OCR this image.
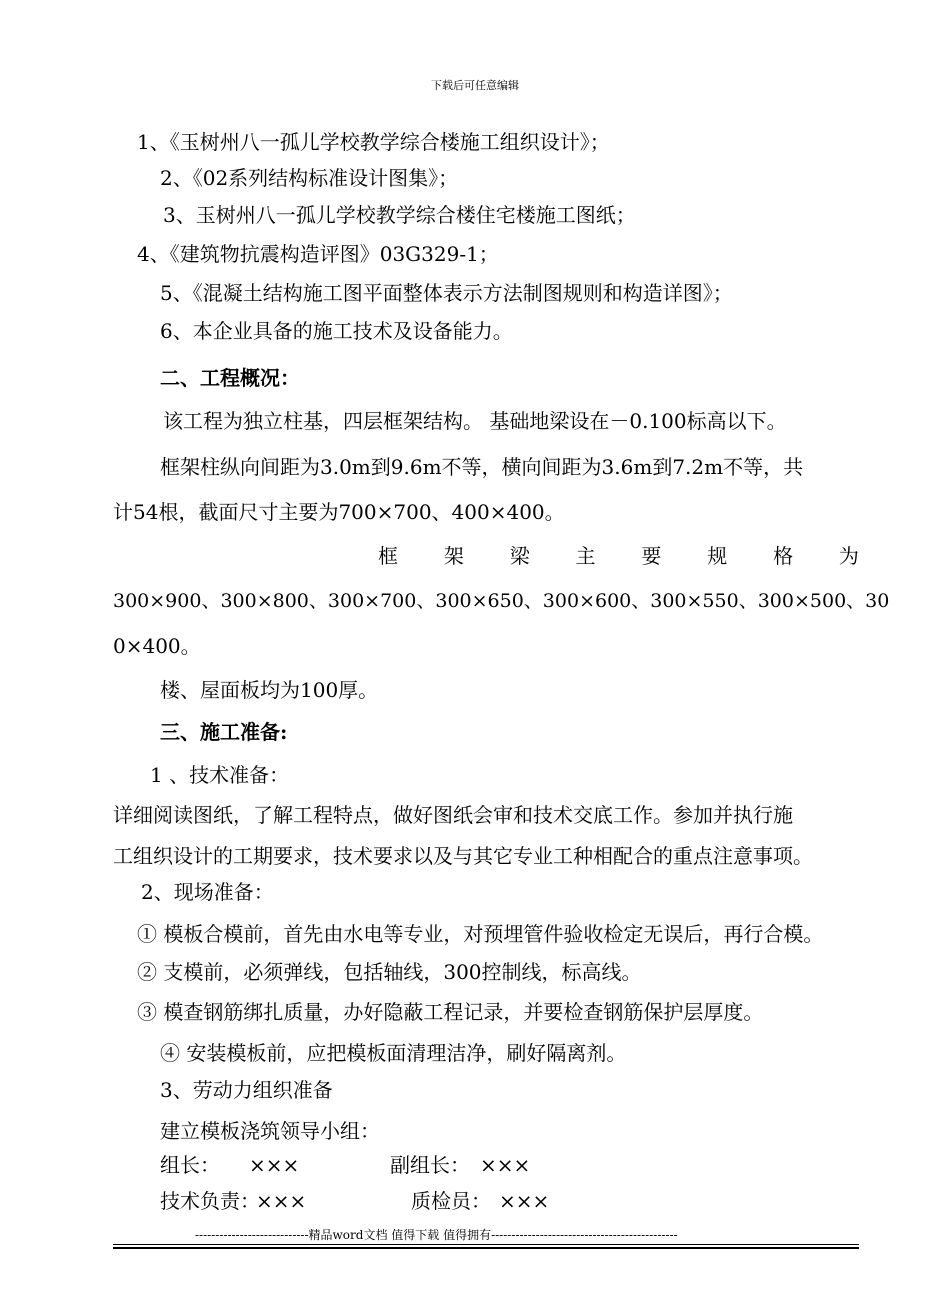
下载后可任意编辑
1、《玉树州八一孤儿学校教学综合楼施工组织设计》；
2、《02系列结构标准设计图集》；
3、玉树州八一孤儿学校教学综合楼住宅楼施工图纸；
4、《建筑物抗震构造评图》03G329-1；
5、《混凝土结构施工图平面整体表示方法制图规则和构造详图》；
6、本企业具备的施工技术及设备能力。
二、工程概况：
该工程为独立柱基，四层框架结构。 基础地梁设在－0.100标高以下。
框架柱纵向间距为3.0m到9.6m不等，横向间距为3.6m到7.2m不等，共
计54根，截面尺寸主要为700×700、400×400。
框 架 梁 主 要 规 格 为
300×900、300×800、300×700、300×650、300×600、300×550、300×500、30
0×400。
楼、屋面板均为100厚。
三、施工准备:
1 、技术准备：
详细阅读图纸，了解工程特点，做好图纸会审和技术交底工作。参加并执行施
工组织设计的工期要求，技术要求以及与其它专业工种相配合的重点注意事项。
2、现场准备：
① 模板合模前，首先由水电等专业，对预埋管件验收检定无误后，再行合模。
② 支模前，必须弹线，包括轴线，300控制线，标高线。
③ 模查钢筋绑扎质量，办好隐蔽工程记录，并要检查钢筋保护层厚度。
④ 安装模板前，应把模板面清理洁净，刷好隔离剂。
3、劳动力组织准备
建立模板浇筑领导小组：
组长： ×××	副组长： ×××
技术负责：
×××	质检员： ×××
----------------------------精品word文档 值得下载 值得拥有----------------------------------------------
